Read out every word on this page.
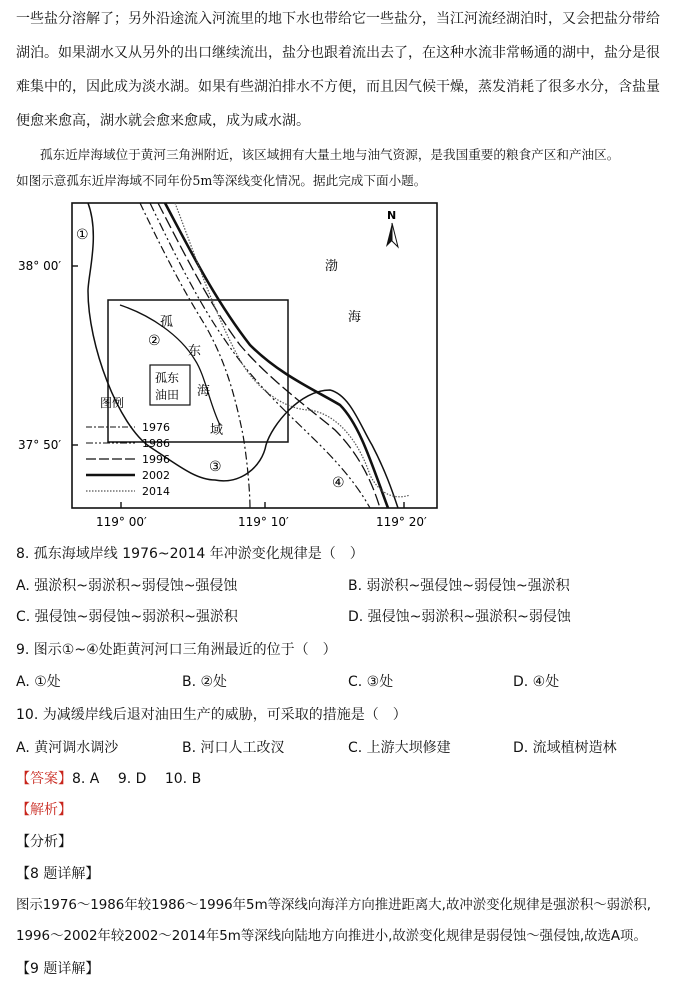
一些盐分溶解了；另外沿途流入河流里的地下水也带给它一些盐分，当江河流经湖泊时，又会把盐分带给
湖泊。如果湖水又从另外的出口继续流出，盐分也跟着流出去了，在这种水流非常畅通的湖中，盐分是很
难集中的，因此成为淡水湖。如果有些湖泊排水不方便，而且因气候干燥，蒸发消耗了很多水分，含盐量
便愈来愈高，湖水就会愈来愈咸，成为咸水湖。
孤东近岸海域位于黄河三角洲附近，该区域拥有大量土地与油气资源，是我国重要的粮食产区和产油区。
如图示意孤东近岸海域不同年份5m等深线变化情况。据此完成下面小题。
38° 00′
37° 50′
119° 00′	119° 10′	119° 20′
N
渤
海
孤
东
海
域
孤东
油田
①
②
③
④
图例
1976
1986
1996
2002
2014
8. 孤东海域岸线 1976~2014 年冲淤变化规律是（　）
A. 强淤积~弱淤积~弱侵蚀~强侵蚀	B. 弱淤积~强侵蚀~弱侵蚀~强淤积
C. 强侵蚀~弱侵蚀~弱淤积~强淤积	D. 强侵蚀~弱淤积~强淤积~弱侵蚀
9. 图示①~④处距黄河河口三角洲最近的位于（　）
A. ①处	B. ②处	C. ③处	D. ④处
10. 为减缓岸线后退对油田生产的威胁，可采取的措施是（　）
A. 黄河调水调沙	B. 河口人工改汊	C. 上游大坝修建	D. 流域植树造林
【答案】8. A　 9. D　 10. B
【解析】
【分析】
【8 题详解】
图示1976～1986年较1986～1996年5m等深线向海洋方向推进距离大,故冲淤变化规律是强淤积～弱淤积,
1996～2002年较2002～2014年5m等深线向陆地方向推进小,故淤变化规律是弱侵蚀～强侵蚀,故选A项。
【9 题详解】
